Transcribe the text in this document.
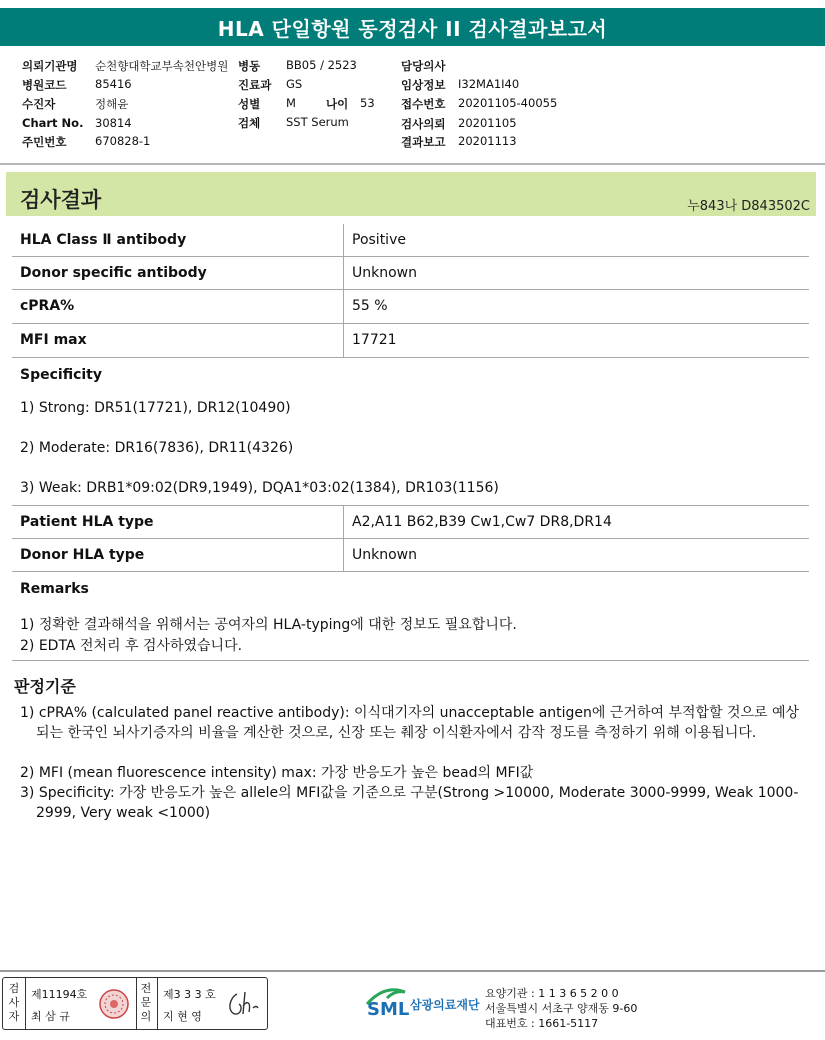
HLA 단일항원 동정검사 II 검사결과보고서
의뢰기관명 순천향대학교부속천안병원 병동 BB05 / 2523	담당의사
병원코드 85416	진료과 GS	임상정보 I32MA1I40
수진자	정해윤	성별 M	나이 53 접수번호 20201105-40055
Chart No. 30814	검체 SST Serum	검사의뢰 20201105
주민번호 670828-1	결과보고 20201113
검사결과	누843나 D843502C
HLA Class Ⅱ antibody	Positive
Donor specific antibody	Unknown
cPRA%	55 %
MFI max	17721
Specificity
1) Strong: DR51(17721), DR12(10490)
2) Moderate: DR16(7836), DR11(4326)
3) Weak: DRB1*09:02(DR9,1949), DQA1*03:02(1384), DR103(1156)
Patient HLA type	A2,A11 B62,B39 Cw1,Cw7 DR8,DR14
Donor HLA type	Unknown
Remarks
1) 정확한 결과해석을 위해서는 공여자의 HLA-typing에 대한 정보도 필요합니다.
2) EDTA 전처리 후 검사하였습니다.
판정기준
1) cPRA% (calculated panel reactive antibody): 이식대기자의 unacceptable antigen에 근거하여 부적합할 것으로 예상되는 한국인 뇌사기증자의 비율을 계산한 것으로, 신장 또는 췌장 이식환자에서 감작 정도를 측정하기 위해 이용됩니다.
2) MFI (mean fluorescence intensity) max: 가장 반응도가 높은 bead의 MFI값
3) Specificity: 가장 반응도가 높은 allele의 MFI값을 기준으로 구분(Strong >10000, Moderate 3000-9999, Weak 1000-2999, Very weak <1000)
검사자
제11194호
최 삼 규
전문의
제3 3 3 호
지 현 영	SML 삼광의료재단
요양기관 : 1 1 3 6 5 2 0 0
서울특별시 서초구 양재동 9-60
대표번호 : 1661-5117
